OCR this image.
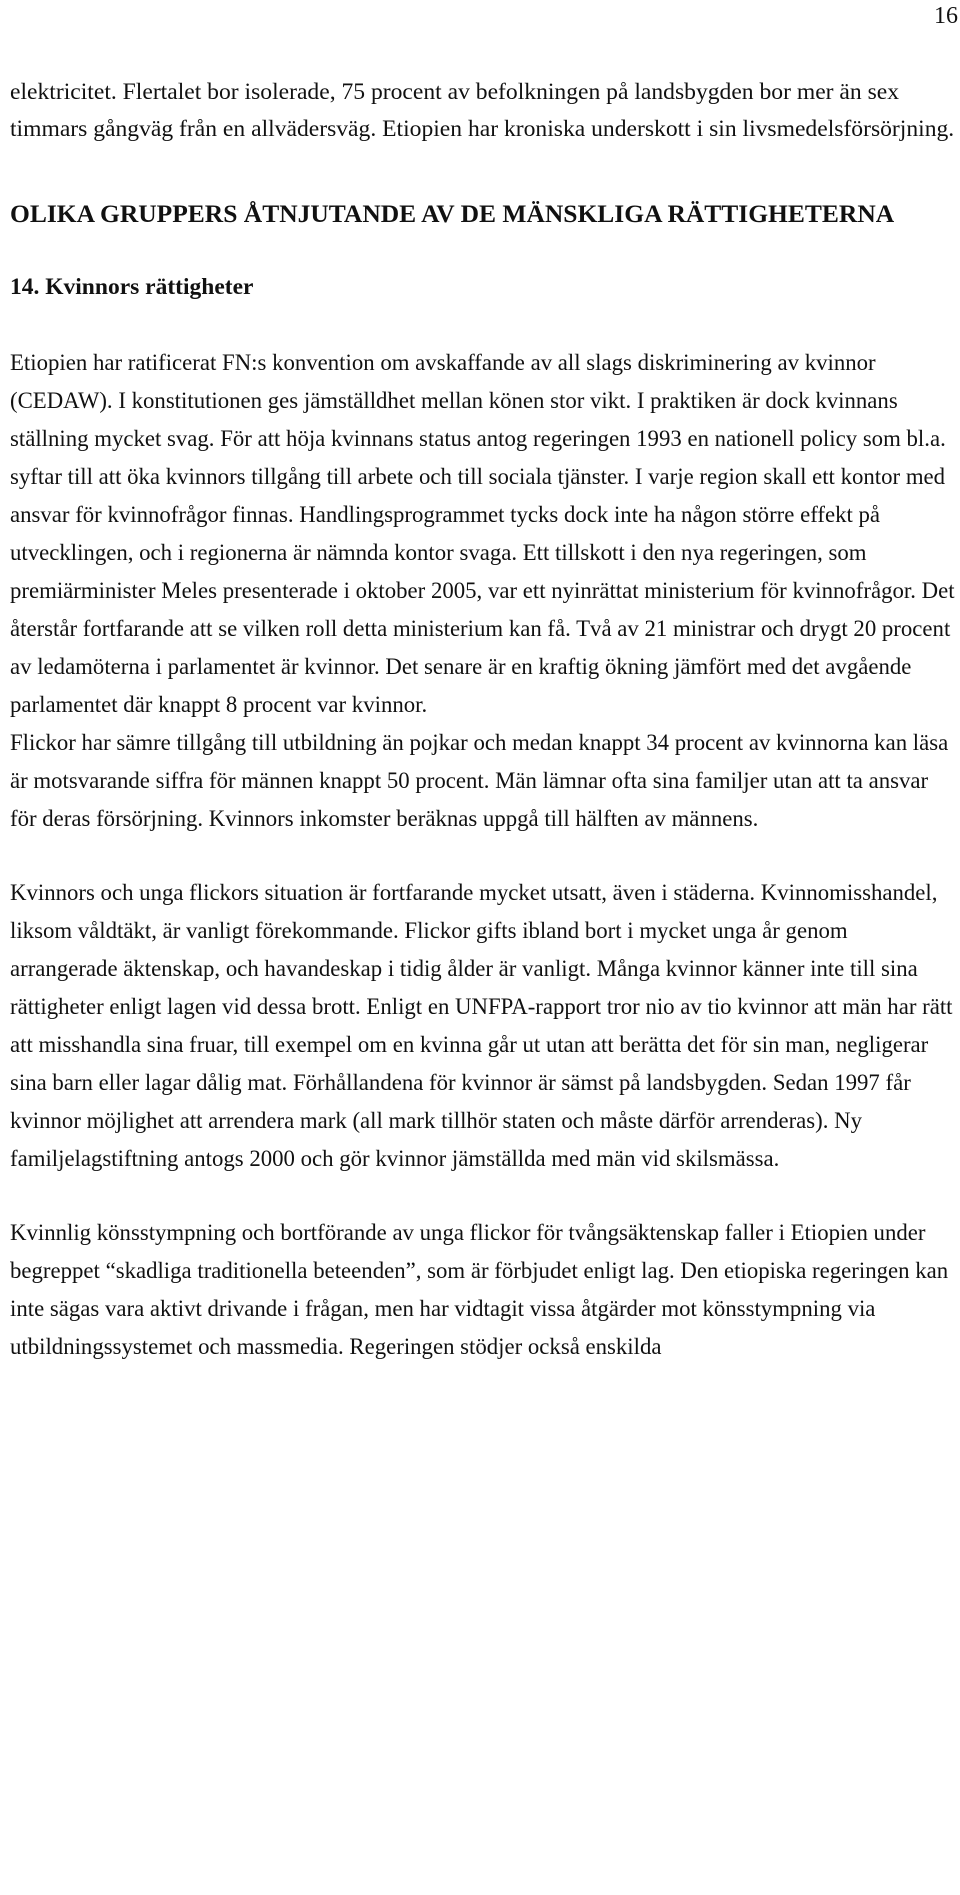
16

elektricitet. Flertalet bor isolerade, 75 procent av befolkningen på landsbygden bor mer än sex timmars gångväg från en allvädersväg. Etiopien har kroniska underskott i sin livsmedelsförsörjning.

OLIKA GRUPPERS ÅTNJUTANDE AV DE MÄNSKLIGA RÄTTIGHETERNA
14. Kvinnors rättigheter

Etiopien har ratificerat FN:s konvention om avskaffande av all slags diskriminering av kvinnor (CEDAW). I konstitutionen ges jämställdhet mellan könen stor vikt. I praktiken är dock kvinnans ställning mycket svag. För att höja kvinnans status antog regeringen 1993 en nationell policy som bl.a. syftar till att öka kvinnors tillgång till arbete och till sociala tjänster. I varje region skall ett kontor med ansvar för kvinnofrågor finnas. Handlingsprogrammet tycks dock inte ha någon större effekt på utvecklingen, och i regionerna är nämnda kontor svaga. Ett tillskott i den nya regeringen, som premiärminister Meles presenterade i oktober 2005, var ett nyinrättat ministerium för kvinnofrågor. Det återstår fortfarande att se vilken roll detta ministerium kan få. Två av 21 ministrar och drygt 20 procent av ledamöterna i parlamentet är kvinnor. Det senare är en kraftig ökning jämfört med det avgående parlamentet där knappt 8 procent var kvinnor.

Flickor har sämre tillgång till utbildning än pojkar och medan knappt 34 procent av kvinnorna kan läsa är motsvarande siffra för männen knappt 50 procent. Män lämnar ofta sina familjer utan att ta ansvar för deras försörjning. Kvinnors inkomster beräknas uppgå till hälften av männens.

Kvinnors och unga flickors situation är fortfarande mycket utsatt, även i städerna. Kvinnomisshandel, liksom våldtäkt, är vanligt förekommande. Flickor gifts ibland bort i mycket unga år genom arrangerade äktenskap, och havandeskap i tidig ålder är vanligt. Många kvinnor känner inte till sina rättigheter enligt lagen vid dessa brott. Enligt en UNFPA-rapport tror nio av tio kvinnor att män har rätt att misshandla sina fruar, till exempel om en kvinna går ut utan att berätta det för sin man, negligerar sina barn eller lagar dålig mat. Förhållandena för kvinnor är sämst på landsbygden. Sedan 1997 får kvinnor möjlighet att arrendera mark (all mark tillhör staten och måste därför arrenderas). Ny familjelagstiftning antogs 2000 och gör kvinnor jämställda med män vid skilsmässa.

Kvinnlig könsstympning och bortförande av unga flickor för tvångsäktenskap faller i Etiopien under begreppet “skadliga traditionella beteenden”, som är förbjudet enligt lag. Den etiopiska regeringen kan inte sägas vara aktivt drivande i frågan, men har vidtagit vissa åtgärder mot könsstympning via utbildningssystemet och massmedia. Regeringen stödjer också enskilda
